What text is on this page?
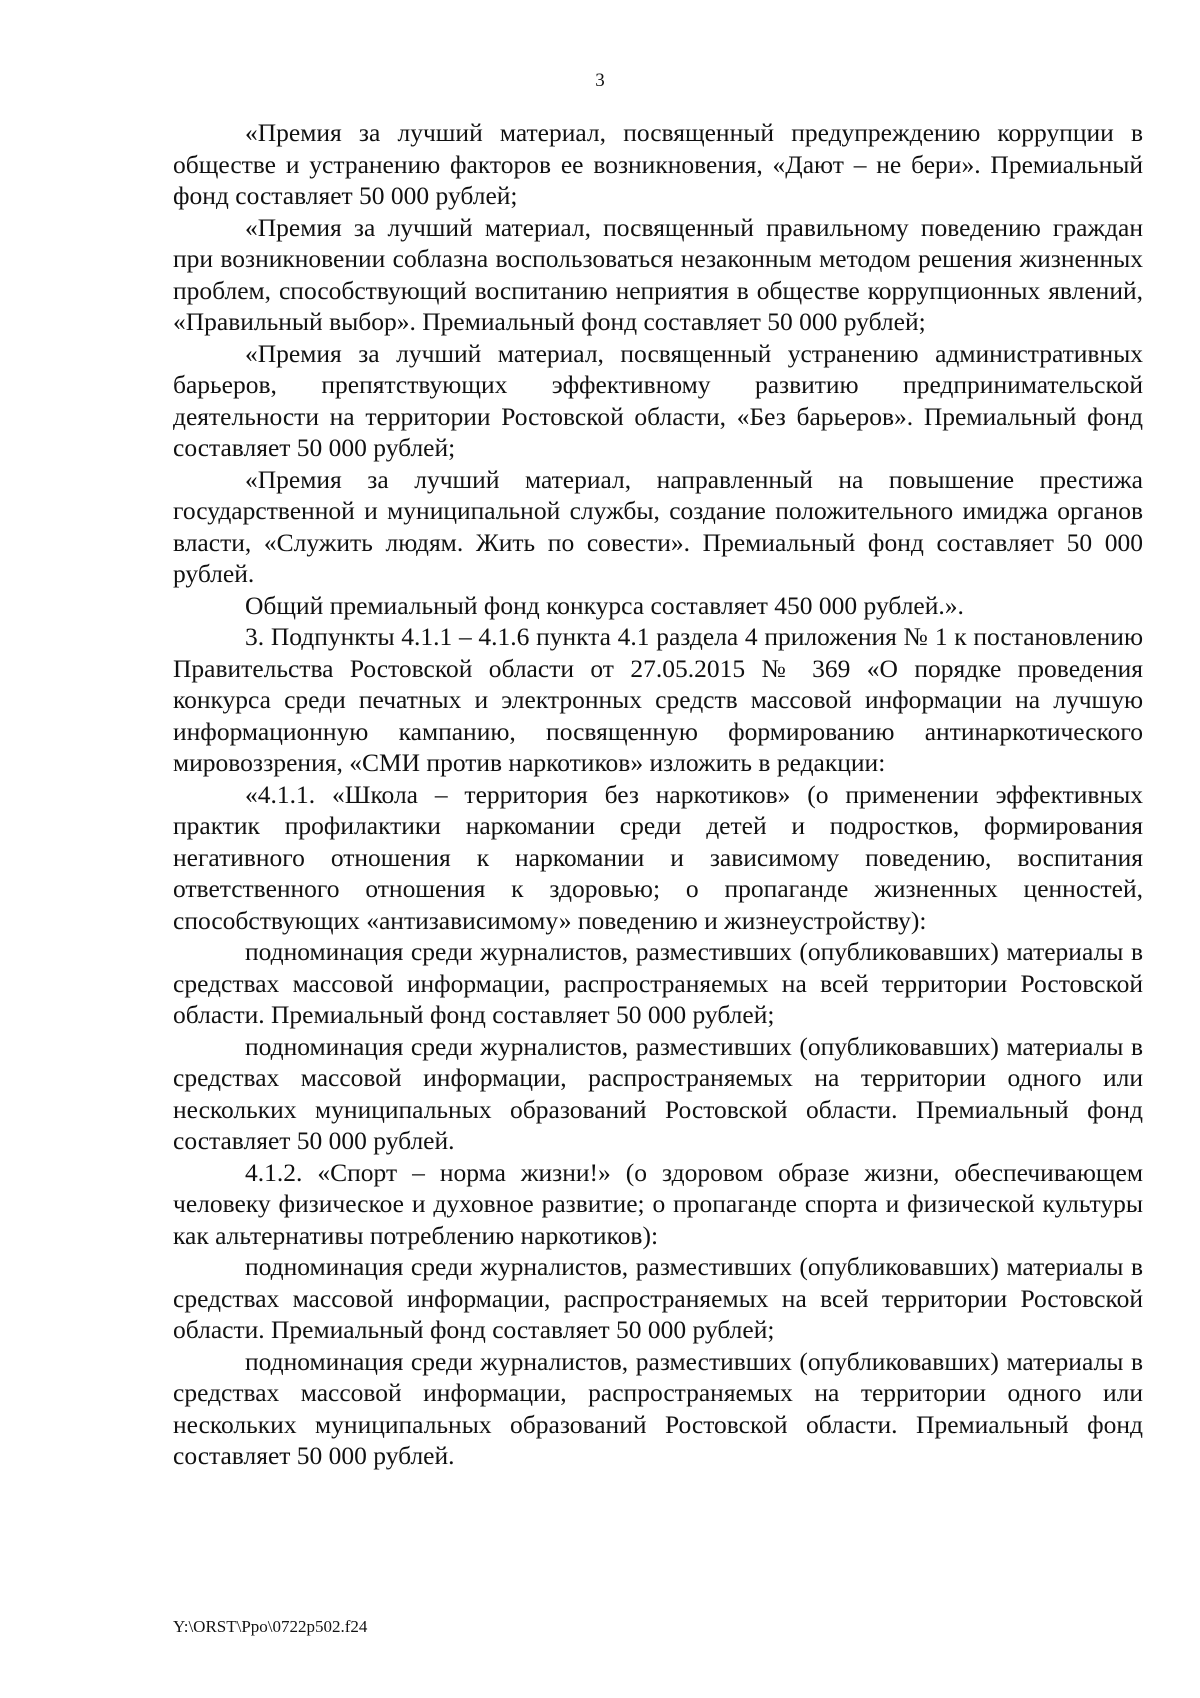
3

«Премия за лучший материал, посвященный предупреждению коррупции в обществе и устранению факторов ее возникновения, «Дают – не бери». Премиальный фонд составляет 50 000 рублей;

«Премия за лучший материал, посвященный правильному поведению граждан при возникновении соблазна воспользоваться незаконным методом решения жизненных проблем, способствующий воспитанию неприятия в обществе коррупционных явлений, «Правильный выбор». Премиальный фонд составляет 50 000 рублей;

«Премия за лучший материал, посвященный устранению административных барьеров, препятствующих эффективному развитию предпринимательской деятельности на территории Ростовской области, «Без барьеров». Премиальный фонд составляет 50 000 рублей;

«Премия за лучший материал, направленный на повышение престижа государственной и муниципальной службы, создание положительного имиджа органов власти, «Служить людям. Жить по совести». Премиальный фонд составляет 50 000 рублей.

Общий премиальный фонд конкурса составляет 450 000 рублей.».

3. Подпункты 4.1.1 – 4.1.6 пункта 4.1 раздела 4 приложения № 1 к постановлению Правительства Ростовской области от 27.05.2015 № 369 «О порядке проведения конкурса среди печатных и электронных средств массовой информации на лучшую информационную кампанию, посвященную формированию антинаркотического мировоззрения, «СМИ против наркотиков» изложить в редакции:

«4.1.1. «Школа – территория без наркотиков» (о применении эффективных практик профилактики наркомании среди детей и подростков, формирования негативного отношения к наркомании и зависимому поведению, воспитания ответственного отношения к здоровью; о пропаганде жизненных ценностей, способствующих «антизависимому» поведению и жизнеустройству):

подноминация среди журналистов, разместивших (опубликовавших) материалы в средствах массовой информации, распространяемых на всей территории Ростовской области. Премиальный фонд составляет 50 000 рублей;

подноминация среди журналистов, разместивших (опубликовавших) материалы в средствах массовой информации, распространяемых на территории одного или нескольких муниципальных образований Ростовской области. Премиальный фонд составляет 50 000 рублей.

4.1.2. «Спорт – норма жизни!» (о здоровом образе жизни, обеспечивающем человеку физическое и духовное развитие; о пропаганде спорта и физической культуры как альтернативы потреблению наркотиков):

подноминация среди журналистов, разместивших (опубликовавших) материалы в средствах массовой информации, распространяемых на всей территории Ростовской области. Премиальный фонд составляет 50 000 рублей;

подноминация среди журналистов, разместивших (опубликовавших) материалы в средствах массовой информации, распространяемых на территории одного или нескольких муниципальных образований Ростовской области. Премиальный фонд составляет 50 000 рублей.

Y:\ORST\Ppo\0722p502.f24
